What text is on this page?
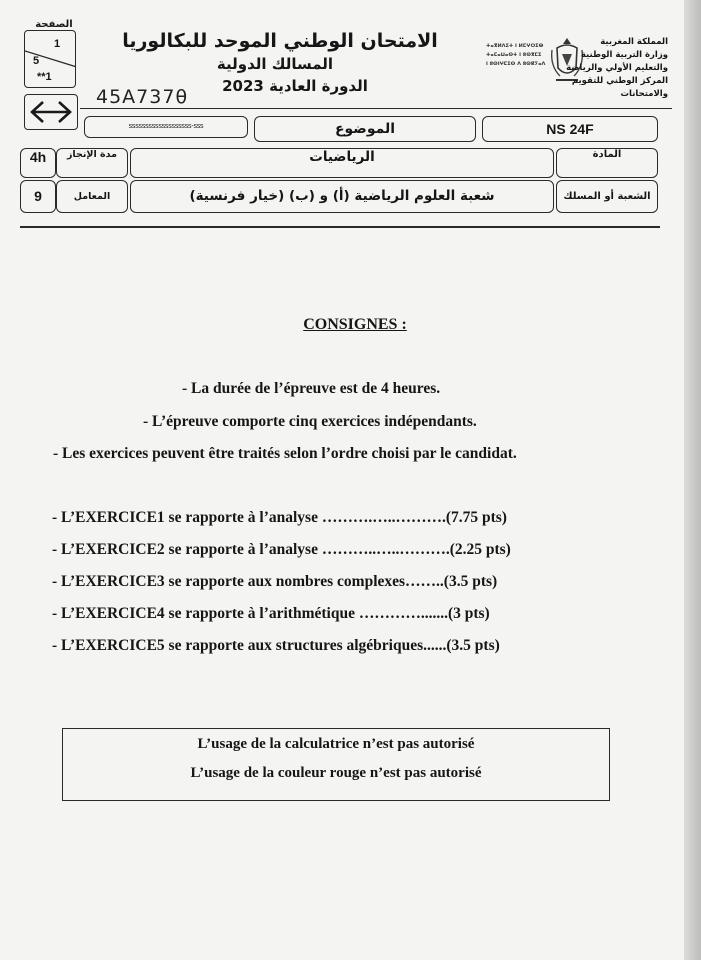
الصفحة
1
5
**1
الامتحان الوطني الموحد للبكالوريا
المسالك الدولية
الدورة العادية 2023
ⵜⴰⴳⵍⴷⵉⵜ ⵏ ⵍⵎⵖⵔⵉⴱ
ⵜⴰⵎⴰⵡⴰⵙⵜ ⵏ ⵓⵙⴳⵎⵉ
ⵏ ⵓⵙⵏⵖⵎⵉⵙ ⴷ ⵓⵙⴽⵢⴰⴷ
المملكة المغربية
وزارة التربية الوطنية
والتعليم الأولي والرياضة
المركز الوطني للتقويم والامتحانات
45A737θ
sssssssssssssssssss-sss	الموضوع	NS 24F
4h	مدة الإنجاز	الرياضيات	المادة
9	المعامل	شعبة العلوم الرياضية (أ) و (ب) (خيار فرنسية)	الشعبة أو المسلك
CONSIGNES :
- La durée de l’épreuve est de 4 heures.
- L’épreuve comporte cinq exercices indépendants.
- Les exercices peuvent être traités selon l’ordre choisi par le candidat.
- L’EXERCICE1 se rapporte à l’analyse ……….…..……….(7.75 pts)
- L’EXERCICE2 se rapporte à l’analyse ………..…..……….(2.25 pts)
- L’EXERCICE3 se rapporte aux nombres complexes……..(3.5 pts)
- L’EXERCICE4 se rapporte à l’arithmétique ………….......(3 pts)
- L’EXERCICE5 se rapporte aux structures algébriques......(3.5 pts)
L’usage de la calculatrice n’est pas autorisé
L’usage de la couleur rouge n’est pas autorisé
